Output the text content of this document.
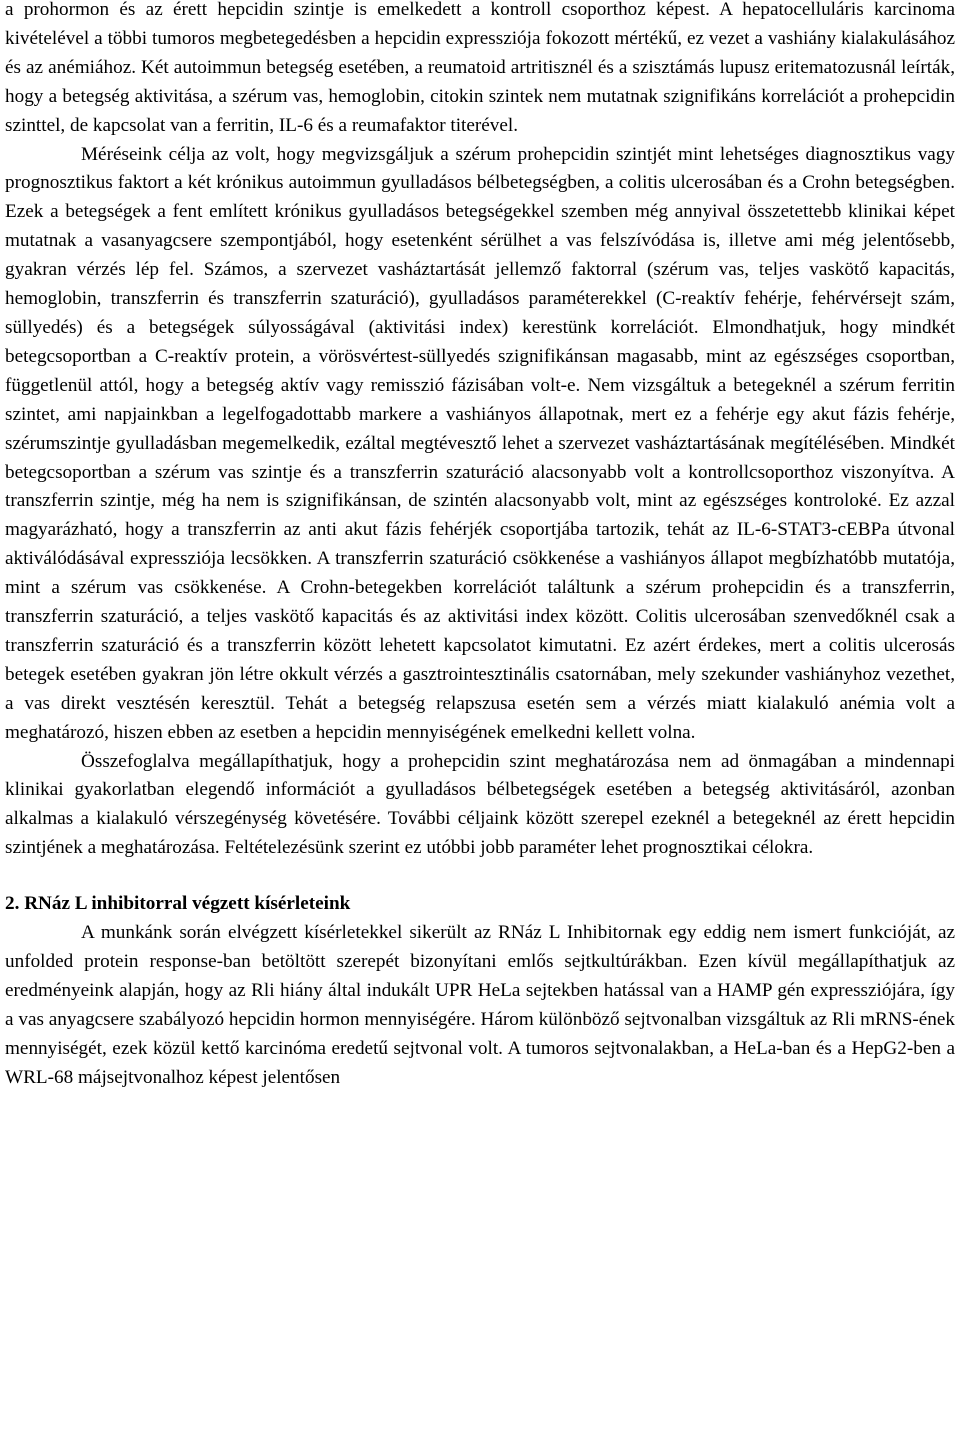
a prohormon és az érett hepcidin szintje is emelkedett a kontroll csoporthoz képest. A hepatocelluláris karcinoma kivételével a többi tumoros megbetegedésben a hepcidin expressziója fokozott mértékű, ez vezet a vashiány kialakulásához és az anémiához. Két autoimmun betegség esetében, a reumatoid artritisznél és a szisztámás lupusz eritematozusnál leírták, hogy a betegség aktivitása, a szérum vas, hemoglobin, citokin szintek nem mutatnak szignifikáns korrelációt a prohepcidin szinttel, de kapcsolat van a ferritin, IL-6 és a reumafaktor titerével.

Méréseink célja az volt, hogy megvizsgáljuk a szérum prohepcidin szintjét mint lehetséges diagnosztikus vagy prognosztikus faktort a két krónikus autoimmun gyulladásos bélbetegségben, a colitis ulcerosában és a Crohn betegségben. Ezek a betegségek a fent említett krónikus gyulladásos betegségekkel szemben még annyival összetettebb klinikai képet mutatnak a vasanyagcsere szempontjából, hogy esetenként sérülhet a vas felszívódása is, illetve ami még jelentősebb, gyakran vérzés lép fel. Számos, a szervezet vasháztartását jellemző faktorral (szérum vas, teljes vaskötő kapacitás, hemoglobin, transzferrin és transzferrin szaturáció), gyulladásos paraméterekkel (C-reaktív fehérje, fehérvérsejt szám, süllyedés) és a betegségek súlyosságával (aktivitási index) kerestünk korrelációt. Elmondhatjuk, hogy mindkét betegcsoportban a C-reaktív protein, a vörösvértest-süllyedés szignifikánsan magasabb, mint az egészséges csoportban, függetlenül attól, hogy a betegség aktív vagy remisszió fázisában volt-e. Nem vizsgáltuk a betegeknél a szérum ferritin szintet, ami napjainkban a legelfogadottabb markere a vashiányos állapotnak, mert ez a fehérje egy akut fázis fehérje, szérumszintje gyulladásban megemelkedik, ezáltal megtévesztő lehet a szervezet vasháztartásának megítélésében. Mindkét betegcsoportban a szérum vas szintje és a transzferrin szaturáció alacsonyabb volt a kontrollcsoporthoz viszonyítva. A transzferrin szintje, még ha nem is szignifikánsan, de szintén alacsonyabb volt, mint az egészséges kontroloké. Ez azzal magyarázható, hogy a transzferrin az anti akut fázis fehérjék csoportjába tartozik, tehát az IL-6-STAT3-cEBPa útvonal aktiválódásával expressziója lecsökken. A transzferrin szaturáció csökkenése a vashiányos állapot megbízhatóbb mutatója, mint a szérum vas csökkenése. A Crohn-betegekben korrelációt találtunk a szérum prohepcidin és a transzferrin, transzferrin szaturáció, a teljes vaskötő kapacitás és az aktivitási index között. Colitis ulcerosában szenvedőknél csak a transzferrin szaturáció és a transzferrin között lehetett kapcsolatot kimutatni. Ez azért érdekes, mert a colitis ulcerosás betegek esetében gyakran jön létre okkult vérzés a gasztrointesztinális csatornában, mely szekunder vashiányhoz vezethet, a vas direkt vesztésén keresztül. Tehát a betegség relapszusa esetén sem a vérzés miatt kialakuló anémia volt a meghatározó, hiszen ebben az esetben a hepcidin mennyiségének emelkedni kellett volna.

Összefoglalva megállapíthatjuk, hogy a prohepcidin szint meghatározása nem ad önmagában a mindennapi klinikai gyakorlatban elegendő információt a gyulladásos bélbetegségek esetében a betegség aktivitásáról, azonban alkalmas a kialakuló vérszegénység követésére. További céljaink között szerepel ezeknél a betegeknél az érett hepcidin szintjének a meghatározása. Feltételezésünk szerint ez utóbbi jobb paraméter lehet prognosztikai célokra.

2. RNáz L inhibitorral végzett kísérleteink

A munkánk során elvégzett kísérletekkel sikerült az RNáz L Inhibitornak egy eddig nem ismert funkcióját, az unfolded protein response-ban betöltött szerepét bizonyítani emlős sejtkultúrákban. Ezen kívül megállapíthatjuk az eredményeink alapján, hogy az Rli hiány által indukált UPR HeLa sejtekben hatással van a HAMP gén expressziójára, így a vas anyagcsere szabályozó hepcidin hormon mennyiségére. Három különböző sejtvonalban vizsgáltuk az Rli mRNS-ének mennyiségét, ezek közül kettő karcinóma eredetű sejtvonal volt. A tumoros sejtvonalakban, a HeLa-ban és a HepG2-ben a WRL-68 májsejtvonalhoz képest jelentősen
